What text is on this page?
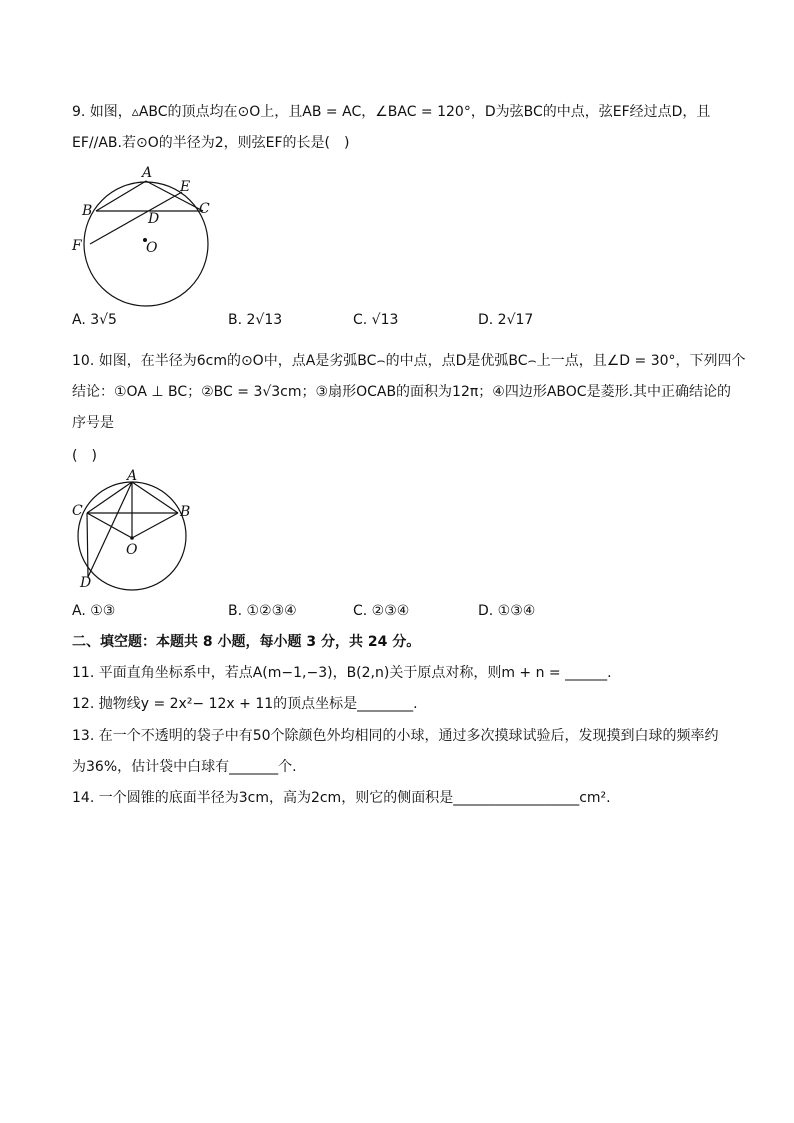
9. 如图，▵ABC的顶点均在⊙O上，且AB = AC，∠BAC = 120°，D为弦BC的中点，弦EF经过点D，且
EF//AB.若⊙O的半径为2，则弦EF的长是(　)
A
E
B	C
D
F	O
A. 3√5	B. 2√13	C. √13	D. 2√17
10. 如图，在半径为6cm的⊙O中，点A是劣弧BC⌢的中点，点D是优弧BC⌢上一点，且∠D = 30°，下列四个
结论：①OA ⊥ BC；②BC = 3√3cm；③扇形OCAB的面积为12π；④四边形ABOC是菱形.其中正确结论的
序号是
(　)
A
C	B
O
D
A. ①③	B. ①②③④	C. ②③④	D. ①③④
二、填空题：本题共 8 小题，每小题 3 分，共 24 分。
11. 平面直角坐标系中，若点A(m−1,−3)，B(2,n)关于原点对称，则m + n = ______.
12. 抛物线y = 2x²− 12x + 11的顶点坐标是________.
13. 在一个不透明的袋子中有50个除颜色外均相同的小球，通过多次摸球试验后，发现摸到白球的频率约
为36%，估计袋中白球有_______个.
14. 一个圆锥的底面半径为3cm，高为2cm，则它的侧面积是__________________cm².
